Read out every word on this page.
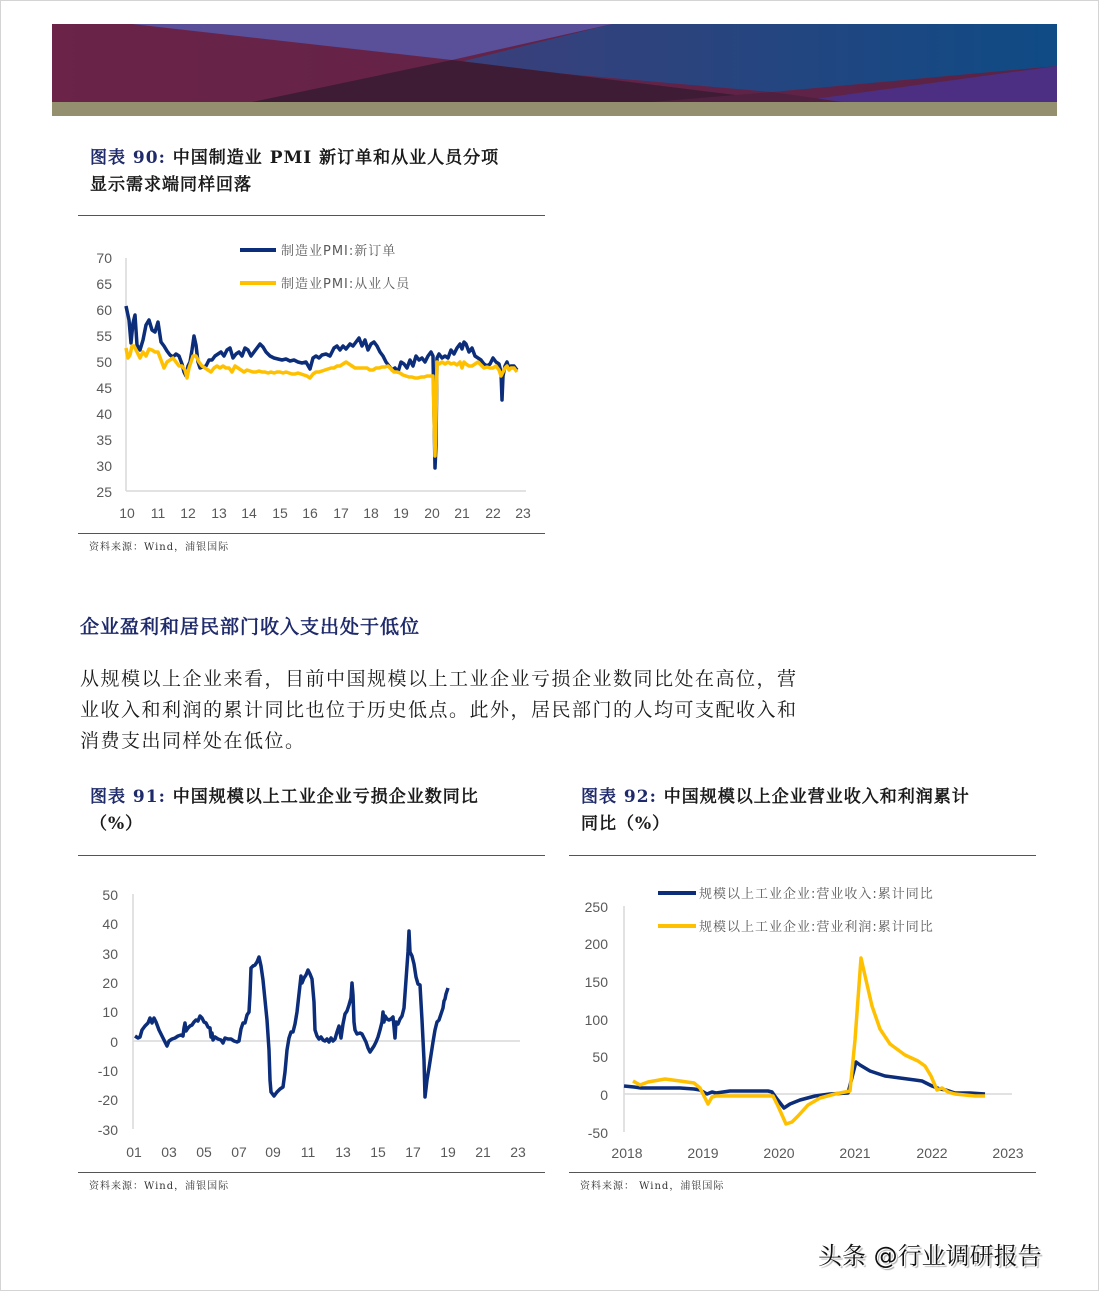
图表 90: 中国制造业 PMI 新订单和从业人员分项
显示需求端同样回落
70
65
60
55
50
40
45
35
30
25
10 11 12 13 14 15 16 17 18 19 20 21 22 23
制造业PMI:新订单
制造业PMI:从业人员
资料来源：Wind，浦银国际
企业盈利和居民部门收入支出处于低位
从规模以上企业来看，目前中国规模以上工业企业亏损企业数同比处在高位，营业收入和利润的累计同比也位于历史低点。此外，居民部门的人均可支配收入和消费支出同样处在低位。
图表 91: 中国规模以上工业企业亏损企业数同比
（%）
50
40
30
20
10
0
-10
-20
-30
01 03 05 07 09 11 13 15 17 19 21 23
资料来源：Wind，浦银国际
图表 92: 中国规模以上企业营业收入和利润累计
同比（%）
250
200
150
100
50
0
-50
2018	2019	2020	2021	2022	2023
规模以上工业企业:营业收入:累计同比
规模以上工业企业:营业利润:累计同比
资料来源： Wind，浦银国际
头条 @行业调研报告
